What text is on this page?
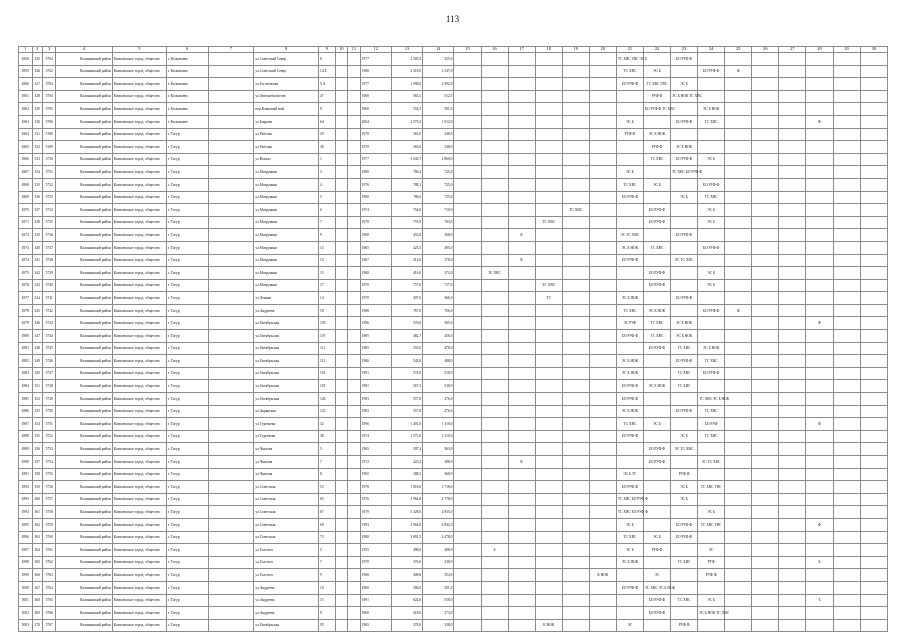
113
1	2	3	4	5	6	7	8	9	10	11	12	13	14	15	16	17	18	19	20	21	22	23	24	25	26	27	28	29	30
4958	325	5704	Калининский район	Комплексное город. общество	г. Колпашево		ул.Советский Север	6			1977	1 305,4	325,0							ТС ХВС ГВС ЭС Б		БО РУФ Ф							
4959	326	5702	Калининский район	Комплексное город. общество	г. Колпашево		ул.Советский Север	14 Б			1980	2 318,0	1 547,0							ТС ХВС	ЭС Б		БО РУФ Ф	Ф					
4960	327	5703	Калининский район	Комплексное город. общество	г. Колпашево		ул.Гоголевская	5 А			1977	1 998,0	2 992,0							БО РУФ Ф	ТС ХВС ГВС	ЭС Б							
4961	328	5704	Калининский район	Комплексное город. общество	г. Колпашево		ул.Автомобилистов	47			1960	563,5	512,5								РУФ Ф	ЭС Б НОК ТС ХВС							
4962	329	5705	Калининский район	Комплексное город. общество	г. Колпашево		пер.Кленовый май	9			1960	554,5	501,0								БО РУФ Ф ТС ХВС		ЭС Б НОК						
4963	330	5706	Калининский район	Комплексное город. общество	г. Колпашево		ул.Боярова	64			2004	2 575,5	1 912,0							ЭС Б		БО РУФ Ф	ТС ХВС				Ф		
4964	331	5186	Калининский район	Комплексное город. общество	г. Тогур		ул.Рабочая	29			1970	363,0	348,0							РУФ Ф	ЭС Б НОК								
4965	332	5189	Калининский район	Комплексное город. общество	г. Тогур		ул.Рабочая	40			1970	363,0	348,0								РУФ Ф	ЭС Б НОК							
4966	333	5730	Калининский район	Комплексное город. общество	г. Тогур		ул.Вокзал	1			1977	3 043,7	2 860,0								ТС ХВС	БО РУФ Ф	ЭС Б						
4967	334	5731	Калининский район	Комплексное город. общество	г. Тогур		ул.Матрунина	3			1980	786,4	725,0							ЭС Б		ТС ХВС БО РУФ Ф							
4968	335	5732	Калининский район	Комплексное город. общество	г. Тогур		ул.Матрунина	4			1976	788,1	725,0							ТС ХВС	ЭС Б		БО РУФ Ф						
4969	336	5733	Калининский район	Комплексное город. общество	г. Тогур		ул.Матрунина	5			1980	786,6	725,0							БО РУФ Ф		ЭС Б	ТС ХВС						
4970	337	5734	Калининский район	Комплексное город. общество	г. Тогур		ул.Матрунина	6			1974	754,0	710,0					ТС ХВС			БО РУФ Ф		ЭС Б						
4971	338	5735	Калининский район	Комплексное город. общество	г. Тогур		ул.Матрунина	7			1970	755,8	703,0				ТС ХВС				БО РУФ Ф		ЭС Б						
4972	339	5736	Калининский район	Комплексное город. общество	г. Тогур		ул.Матрунина	9			1960	452,8	368,0			К				ЭС ТС ХВС		БО РУФ Ф							
4973	340	5737	Калининский район	Комплексное город. общество	г. Тогур		ул.Матрунина	13			1965	423,5	385,0							ЭС Б НОК	ТС ХВС		БО РУФ Ф						
4974	341	5738	Калининский район	Комплексное город. общество	г. Тогур		ул.Матрунина	15			1967	412,6	378,0			К				БО РУФ Ф		ЭС ТС ХВС							
4975	342	5739	Калининский район	Комплексное город. общество	г. Тогур		ул.Матрунина	15			1968	416,0	372,0		ТС ХВС						БО РУФ Ф		ЭС Б						
4976	343	5740	Калининский район	Комплексное город. общество	г. Тогур		ул.Матрунина	17			1970	757,0	717,0				ТС ХВС				БО РУФ Ф		ЭС Б						
4977	344	5741	Калининский район	Комплексное город. общество	г. Тогур		ул.Ленина	14			1970	407,0	366,0				ТС			ЭС Б НОК		БО РУФ Ф							
4978	345	5742	Калининский район	Комплексное город. общество	г. Тогур		ул.Андреева	18			1988	767,0	706,0							ТС ХВС	ЭС Б НОК		БО РУФ Ф	Ф					
4979	346	5743	Калининский район	Комплексное город. общество	г. Тогур		ул.Октябрьская	103			1996	576,0	505,0							ЭС РУФ	ТС ХВС	ЭС Б НОК					Ф		
4980	347	5744	Калининский район	Комплексное город. общество	г. Тогур		ул.Октябрьская	107			1985	482,7	456,0							БО РУФ Ф	ТС ХВС	ЭС Б НОК							
4981	348	5745	Калининский район	Комплексное город. общество	г. Тогур		ул.Октябрьская	111			1985	553,0	478,0								БО РУФ Ф	ТС ХВС	ЭС Б НОК						
4982	349	5746	Калининский район	Комплексное город. общество	г. Тогур		ул.Октябрьская	113			1986	543,0	488,0							ЭС Б НОК		БО РУФ Ф	ТС ХВС						
4983	350	5747	Калининский район	Комплексное город. общество	г. Тогур		ул.Октябрьская	116			1991	574,0	518,0							ЭС Б НОК		ТС ХВС	БО РУФ Ф						
4984	351	5748	Калининский район	Комплексное город. общество	г. Тогур		ул.Октябрьская	118			1981	567,5	538,0							БО РУФ Ф	ЭС Б НОК	ТС ХВС							
4985	352	5749	Калининский район	Комплексное город. общество	г. Тогур		ул.Октябрьская	126			1983	557,8	476,0							БО РУФ Ф			ТС ХВС ЭС Б НОК						
4986	353	5750	Калининский район	Комплексное город. общество	г. Тогур		ул.Зырянская	125			1983	557,8	476,0							ЭС Б НОК		БО РУФ Ф	ТС ХВС						
4987	354	5751	Калининский район	Комплексное город. общество	г. Тогур		ул.Тургенева	32			1996	1 401,0	1 310,0							ТС ХВС	ЭС Б		БО РУФ				Ф		
4988	355	5752	Калининский район	Комплексное город. общество	г. Тогур		ул.Тургенева	38			1974	1 373,0	1 310,0							БО РУФ Ф		ЭС Б	ТС ХВС						
4989	356	5753	Калининский район	Комплексное город. общество	г. Тогур		ул.Чкалова	5			1965	397,4	363,0								БО РУФ Ф	ЭС ТС ХВС							
4990	357	5754	Калининский район	Комплексное город. общество	г. Тогур		ул.Чкалова	7			1972	423,4	388,0			К					БО РУФ Ф		ЭС ТС ХВС						
4991	358	5755	Калининский район	Комплексное город. общество	г. Тогур		ул.Чкалова	8			1965	388,5	368,0							ЭС Б ТС		РУФ Ф							
4992	359	5756	Калининский район	Комплексное город. общество	г. Тогур		ул.Советская	53			1978	1 818,0	1 718,0							БО РУФ Ф		ЭС Б	ТС ХВС ГВС						
4993	360	5757	Калининский район	Комплексное город. общество	г. Тогур		ул.Советская	65			1976	3 964,8	2 778,0							ТС ХВС БО РУФ Ф		ЭС Б							
4994	361	5758	Калининский район	Комплексное город. общество	г. Тогур		ул.Советская	67			1979	3 328,0	2 835,0							ТС ХВС БО РУФ Ф			ЭС Б						
4995	362	5759	Калининский район	Комплексное город. общество	г. Тогур		ул.Советская	69			1993	3 964,0	4 842,0							ЭС Б		БО РУФ Ф	ТС ХВС ГВС				Ф		
4996	363	5760	Калининский район	Комплексное город. общество	г. Тогур		ул.Советская	73			1980	3 801,5	3 478,0							ТС ХВС	ЭС Б	БО РУФ Ф							
4997	364	5761	Калининский район	Комплексное город. общество	г. Тогур		ул.Толстого	5			1955	498,0	408,0		Б					ЭС Б	РУФ Ф		ЭС						
4998	365	5762	Калининский район	Комплексное город. общество	г. Тогур		ул.Толстого	7			1970	376,0	338,0							ЭС Б НОК		ТС ХВС	РУФ				Б		
4999	366	5763	Калининский район	Комплексное город. общество	г. Тогур		ул.Толстого	9			1960	408,8	354,0						К НОК		ЭС		РУФ Ф						
5000	367	5764	Калининский район	Комплексное город. общество	г. Тогур		ул.Андреева	10			1960	580,0	501,0							БО РУФ Ф	ТС ХВС ЭС Б НОК								
5001	368	5765	Калининский район	Комплексное город. общество	г. Тогур		ул.Андреева	15			1991	624,0	558,0								БО РУФ Ф	ТС ХВС	ЭС Б				Б		
5002	369	5766	Калининский район	Комплексное город. общество	г. Тогур		ул.Андреева	9			1960	418,0	373,0								БО РУФ Ф		ЭС Б НОК ТС ХВС						
5003	370	5767	Калининский район	Комплексное город. общество	г. Тогур		ул.Октябрьская	95			1965	378,0	338,0				К НОК			ЭС		РУФ Ф							
